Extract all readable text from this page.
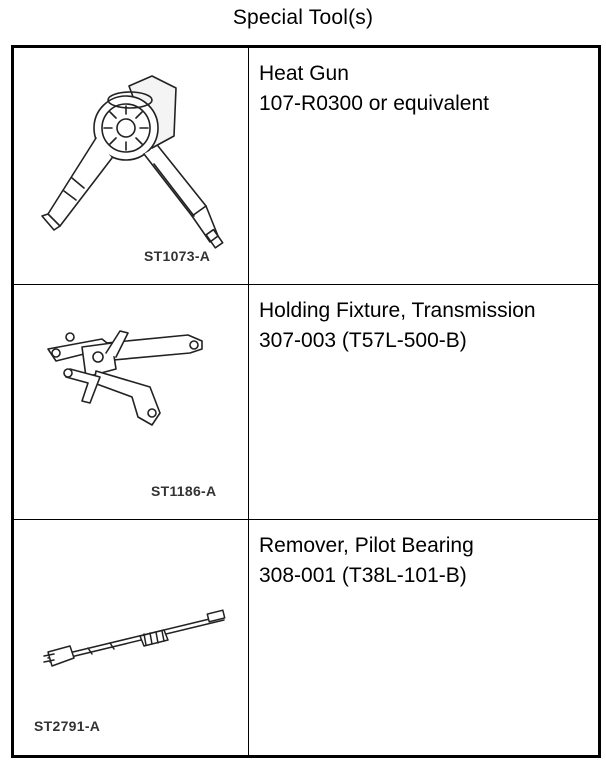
Special Tool(s)
ST1073-A
Heat Gun
107-R0300 or equivalent
ST1186-A
Holding Fixture, Transmission
307-003 (T57L-500-B)
ST2791-A
Remover, Pilot Bearing
308-001 (T38L-101-B)
